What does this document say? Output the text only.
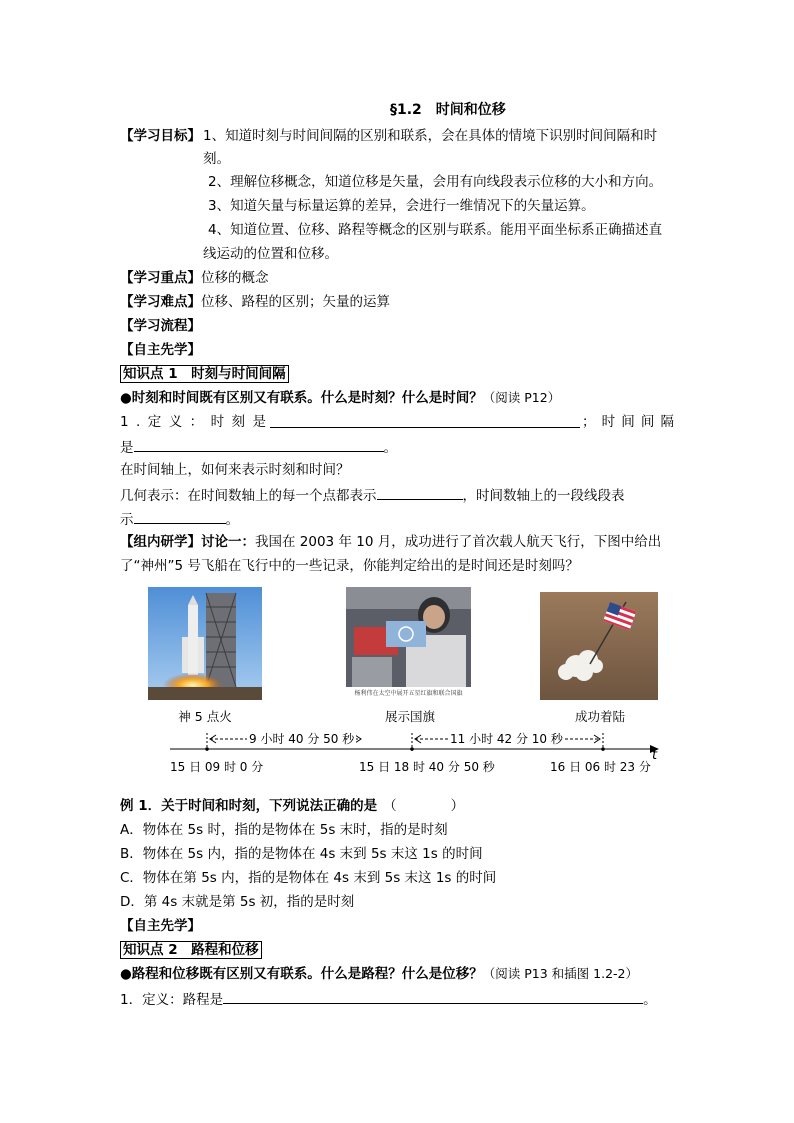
§1.2　时间和位移
【学习目标】 1、知道时刻与时间间隔的区别和联系，会在具体的情境下识别时间间隔和时
刻。
2、理解位移概念，知道位移是矢量，会用有向线段表示位移的大小和方向。
3、知道矢量与标量运算的差异，会进行一维情况下的矢量运算。
4、知道位置、位移、路程等概念的区别与联系。能用平面坐标系正确描述直
线运动的位置和位移。
【学习重点】位移的概念
【学习难点】位移、路程的区别；矢量的运算
【学习流程】
【自主先学】
知识点 1　时刻与时间间隔
●时刻和时间既有区别又有联系。什么是时刻？什么是时间？（阅读 P12）
1 . 定 义 ： 时 刻 是	； 时 间 间 隔
是	。
在时间轴上，如何来表示时刻和时间？
几何表示：在时间数轴上的每一个点都表示	，时间数轴上的一段线段表
示	。
【组内研学】讨论一：我国在 2003 年 10 月，成功进行了首次载人航天飞行，下图中给出
了“神州”5 号飞船在飞行中的一些记录，你能判定给出的是时间还是时刻吗？
杨利伟在太空中展开五星红旗和联合国旗
神 5 点火	展示国旗	成功着陆
9 小时 40 分 50 秒	11 小时 42 分 10 秒
t
15 日 09 时 0 分	15 日 18 时 40 分 50 秒	16 日 06 时 23 分
例 1．关于时间和时刻，下列说法正确的是 （　　　　）
A．物体在 5s 时，指的是物体在 5s 末时，指的是时刻
B．物体在 5s 内，指的是物体在 4s 末到 5s 末这 1s 的时间
C．物体在第 5s 内，指的是物体在 4s 末到 5s 末这 1s 的时间
D．第 4s 末就是第 5s 初，指的是时刻
【自主先学】
知识点 2　路程和位移
●路程和位移既有区别又有联系。什么是路程？什么是位移？（阅读 P13 和插图 1.2-2）
1．定义：路程是	。
